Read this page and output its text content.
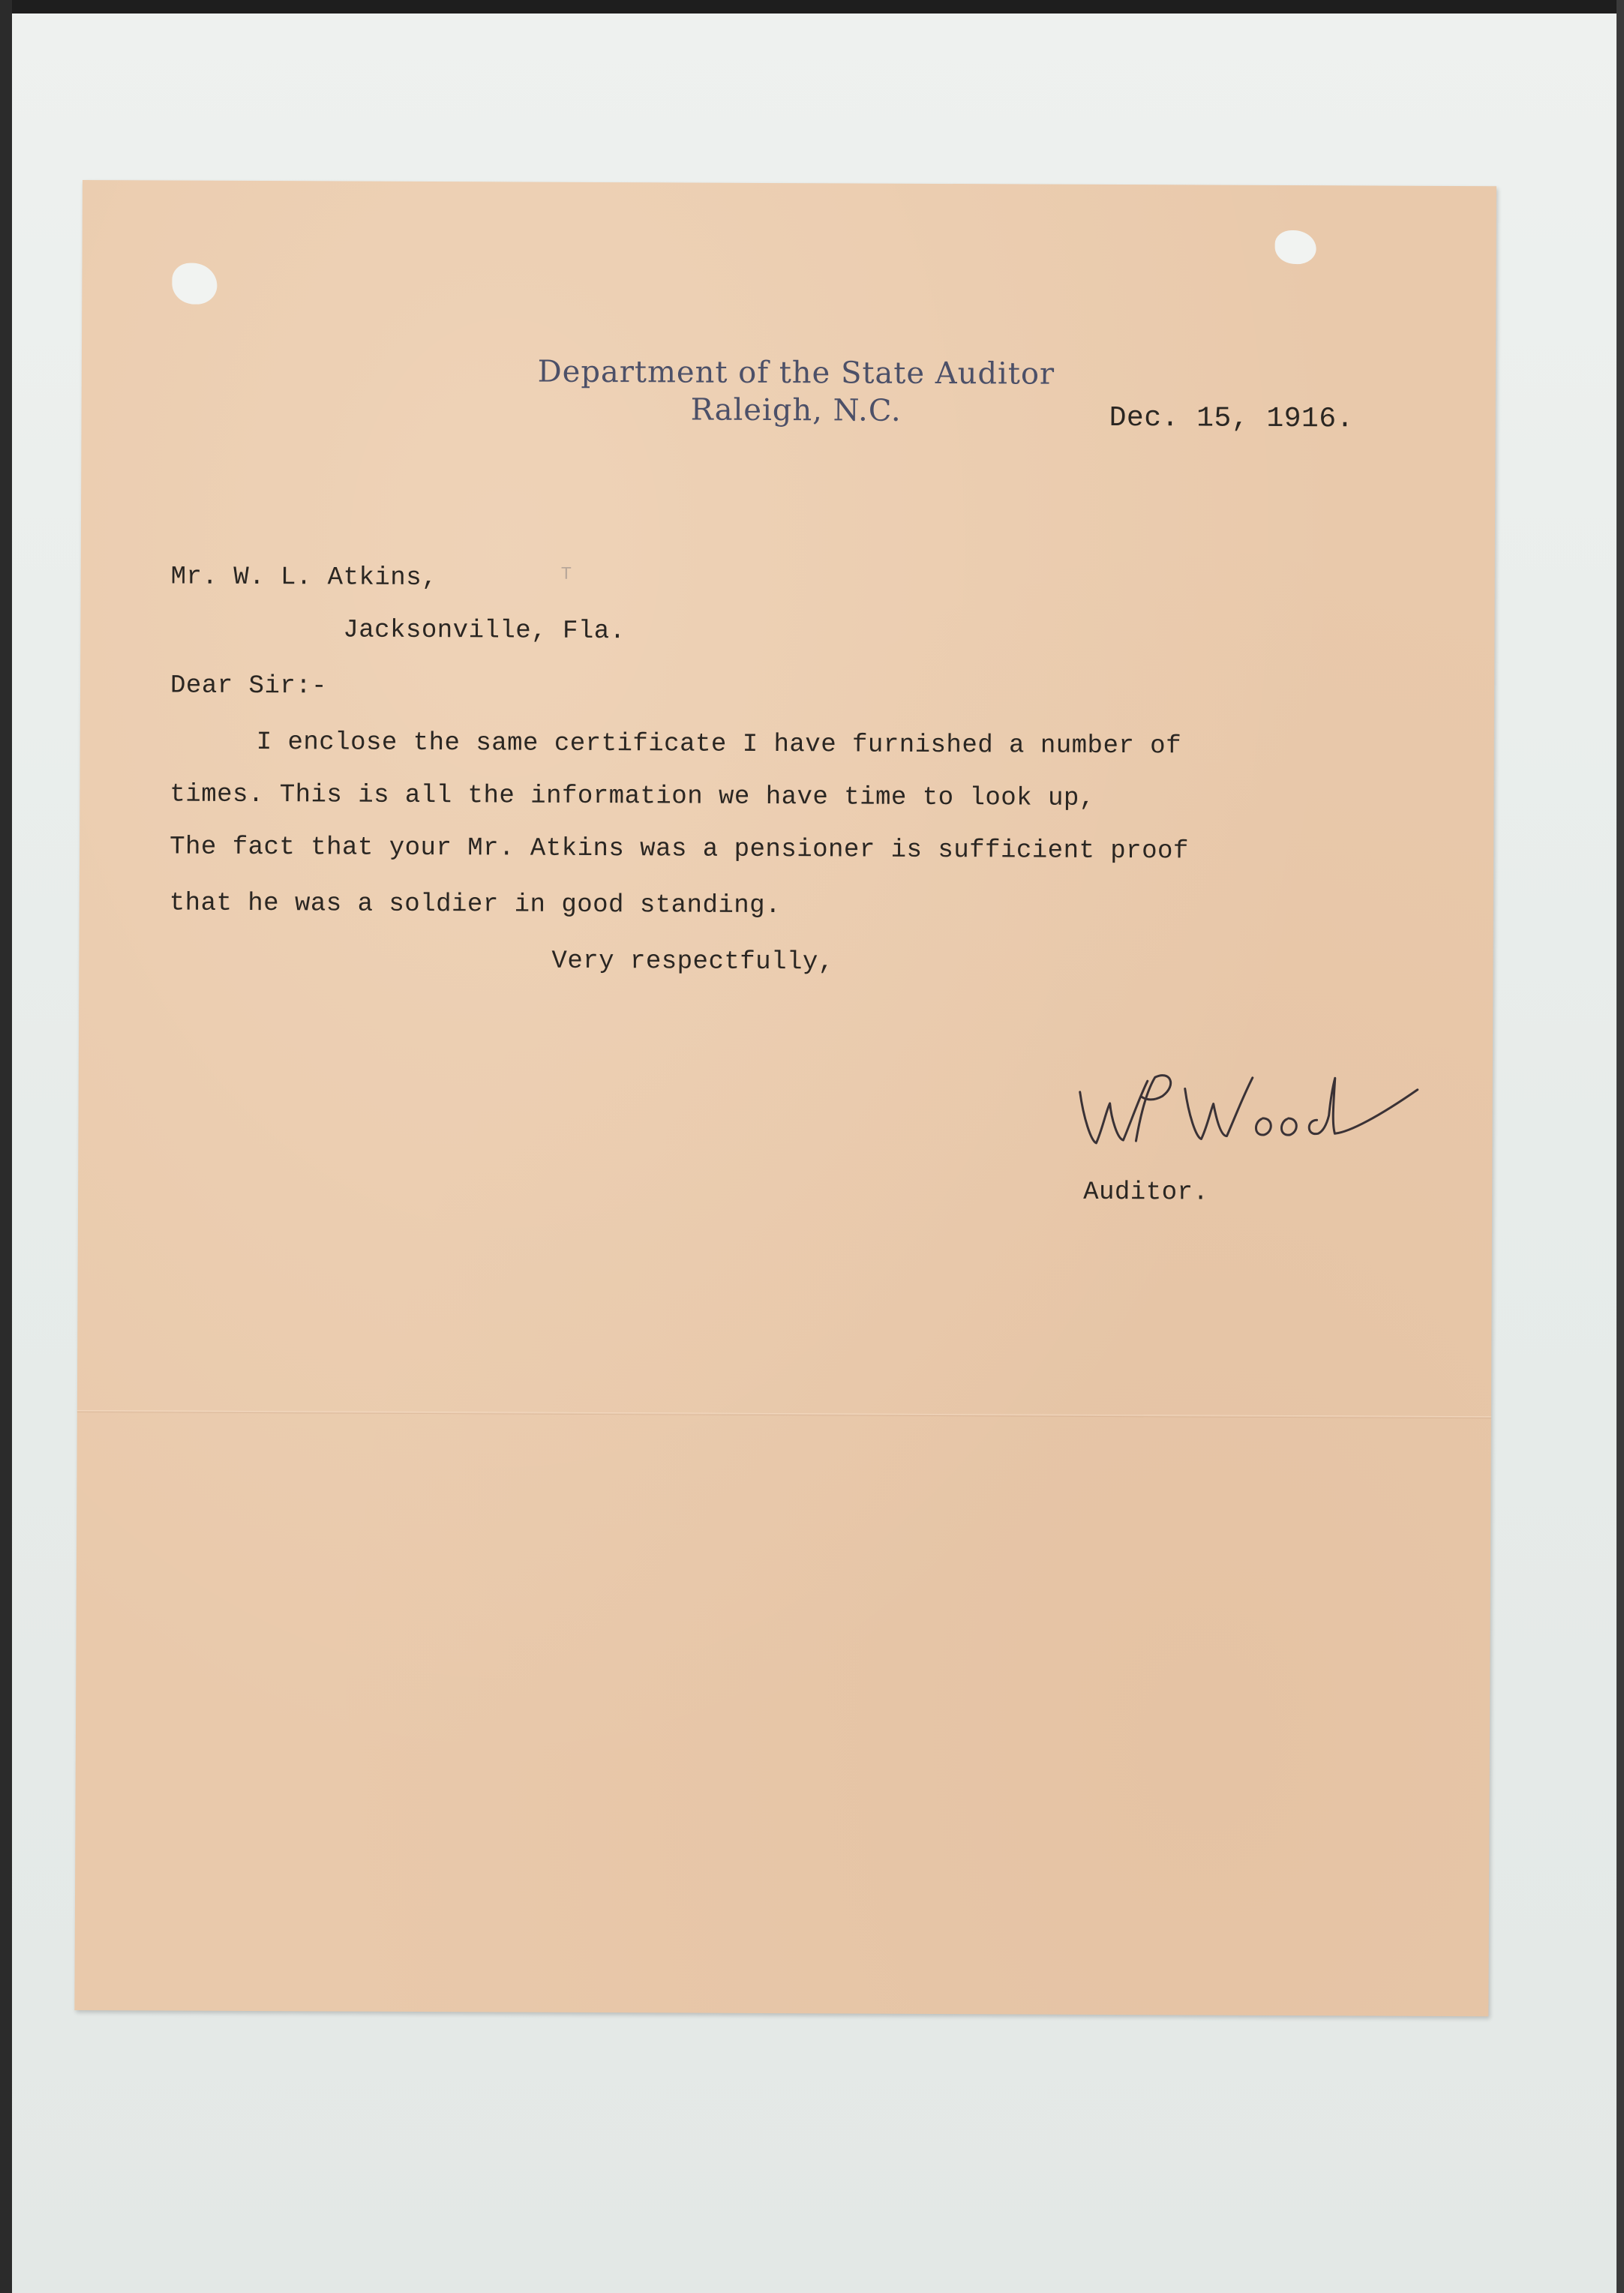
Department of the State Auditor
Raleigh, N.C.	Dec. 15, 1916.
Mr. W. L. Atkins,	T
Jacksonville, Fla.
Dear Sir:-
I enclose the same certificate I have furnished a number of
times. This is all the information we have time to look up,
The fact that your Mr. Atkins was a pensioner is sufficient proof
that he was a soldier in good standing.
Very respectfully,
Auditor.
